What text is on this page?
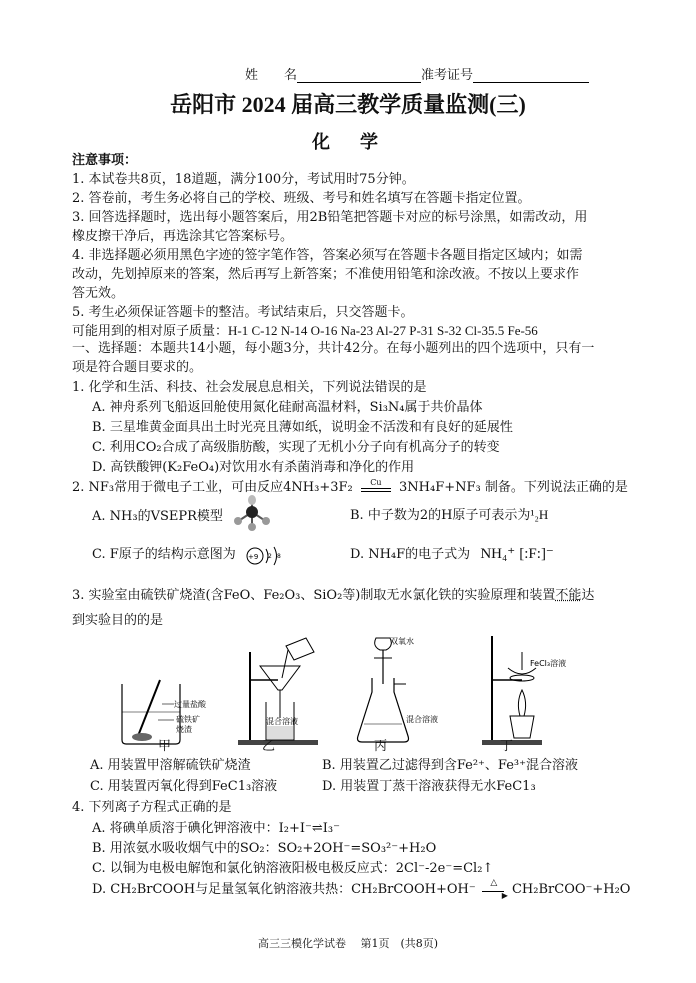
姓　　名	准考证号
岳阳市 2024 届高三教学质量监测(三)
化　学
注意事项：
1. 本试卷共8页，18道题，满分100分，考试用时75分钟。
2. 答卷前，考生务必将自己的学校、班级、考号和姓名填写在答题卡指定位置。
3. 回答选择题时，选出每小题答案后，用2B铅笔把答题卡对应的标号涂黑，如需改动，用
橡皮擦干净后，再选涂其它答案标号。
4. 非选择题必须用黑色字迹的签字笔作答，答案必须写在答题卡各题目指定区域内；如需
改动，先划掉原来的答案，然后再写上新答案；不准使用铅笔和涂改液。不按以上要求作
答无效。
5. 考生必须保证答题卡的整洁。考试结束后，只交答题卡。
可能用到的相对原子质量：H-1 C-12 N-14 O-16 Na-23 Al-27 P-31 S-32 Cl-35.5 Fe-56
一、选择题：本题共14小题，每小题3分，共计42分。在每小题列出的四个选项中，只有一
项是符合题目要求的。
1. 化学和生活、科技、社会发展息息相关，下列说法错误的是
A. 神舟系列飞船返回舱使用氮化硅耐高温材料，Si₃N₄属于共价晶体
B. 三星堆黄金面具出土时光亮且薄如纸，说明金不活泼和有良好的延展性
C. 利用CO₂合成了高级脂肪酸，实现了无机小分子向有机高分子的转变
D. 高铁酸钾(K₂FeO₄)对饮用水有杀菌消毒和净化的作用
2. NF₃常用于微电子工业，可由反应4NH₃+3F₂	Cu	3NH₄F+NF₃ 制备。下列说法正确的是
A. NH₃的VSEPR模型	B. 中子数为2的H原子可表示为¹₂H
C. F原子的结构示意图为 +9 2 8	D. NH₄F的电子式为 NH₄⁺ [:F:]⁻
3. 实验室由硫铁矿烧渣(含FeO、Fe₂O₃、SiO₂等)制取无水氯化铁的实验原理和装置不能达
到实验目的的是
过量盐酸
硫铁矿
烧渣
混合溶液
双氧水
混合溶液
FeCl₃溶液
甲	乙	丙	丁
A. 用装置甲溶解硫铁矿烧渣	B. 用装置乙过滤得到含Fe²⁺、Fe³⁺混合溶液
C. 用装置丙氧化得到FeC1₃溶液	D. 用装置丁蒸干溶液获得无水FeC1₃
4. 下列离子方程式正确的是
A. 将碘单质溶于碘化钾溶液中：I₂+I⁻⇌I₃⁻
B. 用浓氨水吸收烟气中的SO₂：SO₂+2OH⁻=SO₃²⁻+H₂O
C. 以铜为电极电解饱和氯化钠溶液阳极电极反应式：2Cl⁻-2e⁻=Cl₂↑
D. CH₂BrCOOH与足量氢氧化钠溶液共热：CH₂BrCOOH+OH⁻	△
▶ CH₂BrCOO⁻+H₂O
高三三模化学试卷　 第1页　(共8页)
